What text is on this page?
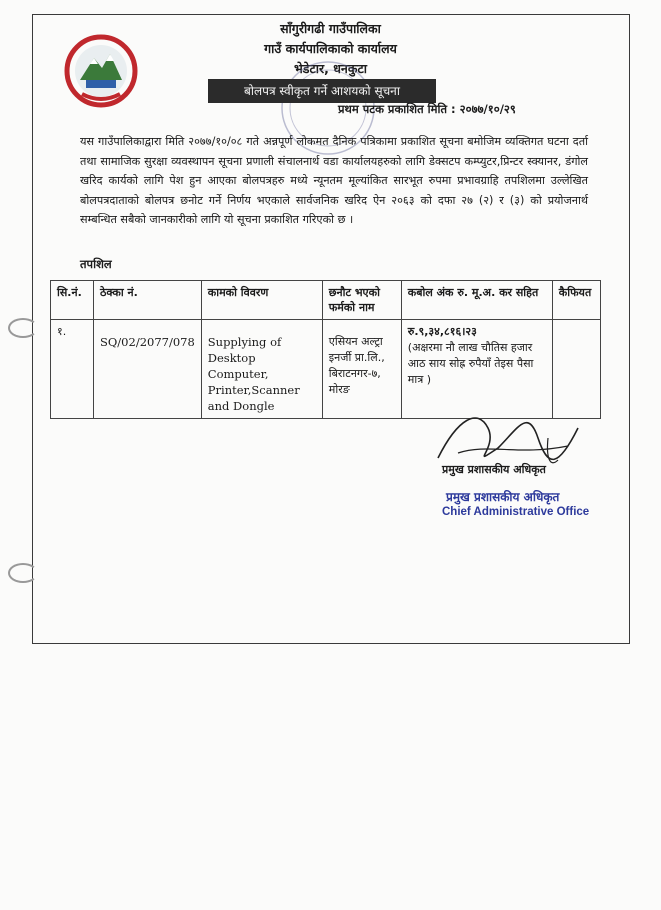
साँगुरीगढी गाउँपालिका
गाउँ कार्यपालिकाको कार्यालय
भेडेटार, धनकुटा
बोलपत्र स्वीकृत गर्ने आशयको सूचना
प्रथम पटक प्रकाशित मिति : २०७७/१०/२९
यस गाउँपालिकाद्वारा मिति २०७७/१०/०८ गते अन्नपूर्ण लोकमत दैनिक पत्रिकामा प्रकाशित सूचना बमोजिम व्यक्तिगत घटना दर्ता तथा सामाजिक सुरक्षा व्यवस्थापन सूचना प्रणाली संचालनार्थ वडा कार्यालयहरुको लागि डेक्सटप कम्प्युटर,प्रिन्टर स्क्यानर, डंगोल खरिद कार्यको लागि पेश हुन आएका बोलपत्रहरु मध्ये न्यूनतम मूल्यांकित सारभूत रुपमा प्रभावग्राहि तपशिलमा उल्लेखित बोलपत्रदाताको बोलपत्र छनोट गर्ने निर्णय भएकाले सार्वजनिक खरिद ऐन २०६३ को दफा २७ (२) र (३) को प्रयोजनार्थ सम्बन्धित सबैको जानकारीको लागि यो सूचना प्रकाशित गरिएको छ ।
तपशिल
सि.नं.	ठेक्का नं.	कामको विवरण	छनौट भएको फर्मको नाम	कबोल अंक रु. मू.अ. कर सहित	कैफियत
१.	SQ/02/2077/078	Supplying of Desktop Computer, Printer,Scanner and Dongle	एसियन अल्ट्रा इनर्जी प्रा.लि., बिराटनगर-७, मोरङ	रु.९,३४,८१६।२३
(अक्षरमा नौ लाख चौतिस हजार आठ साय सोह्र रुपैयाँ तेइस पैसा मात्र )	

प्रमुख प्रशासकीय अधिकृत
प्रमुख प्रशासकीय अधिकृत
Chief Administrative Office
